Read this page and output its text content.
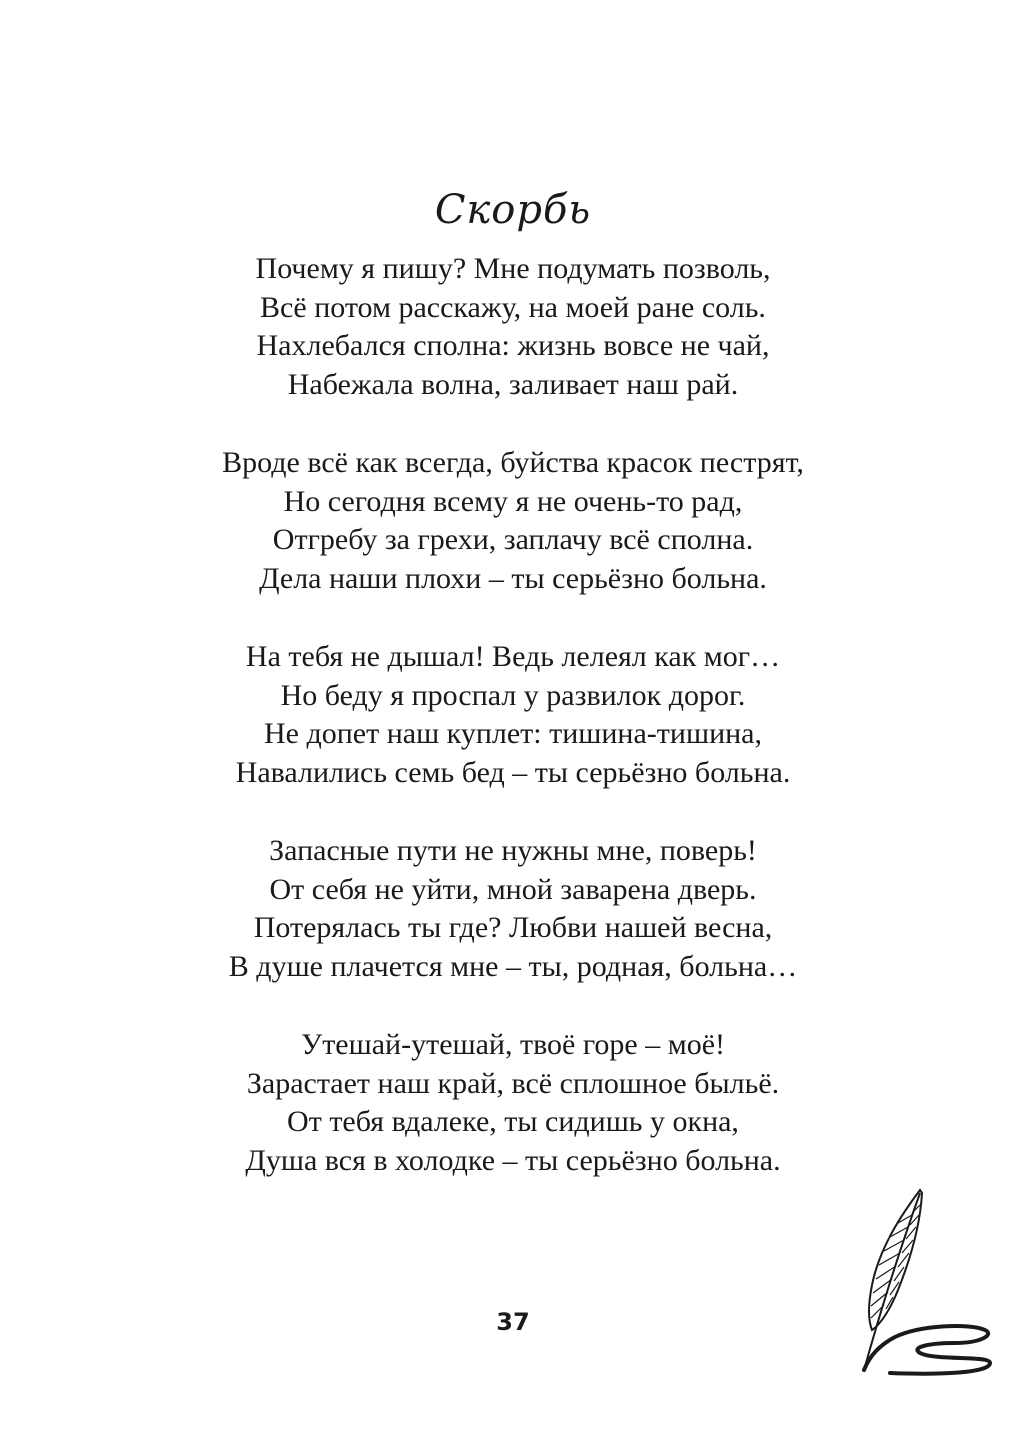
Скорбь
Почему я пишу? Мне подумать позволь,
Всё потом расскажу, на моей ране соль.
Нахлебался сполна: жизнь вовсе не чай,
Набежала волна, заливает наш рай.
Вроде всё как всегда, буйства красок пестрят,
Но сегодня всему я не очень-то рад,
Отгребу за грехи, заплачу всё сполна.
Дела наши плохи – ты серьёзно больна.
На тебя не дышал! Ведь лелеял как мог…
Но беду я проспал у развилок дорог.
Не допет наш куплет: тишина-тишина,
Навалились семь бед – ты серьёзно больна.
Запасные пути не нужны мне, поверь!
От себя не уйти, мной заварена дверь.
Потерялась ты где? Любви нашей весна,
В душе плачется мне – ты, родная, больна…
Утешай-утешай, твоё горе – моё!
Зарастает наш край, всё сплошное быльё.
От тебя вдалеке, ты сидишь у окна,
Душа вся в холодке – ты серьёзно больна.
37
